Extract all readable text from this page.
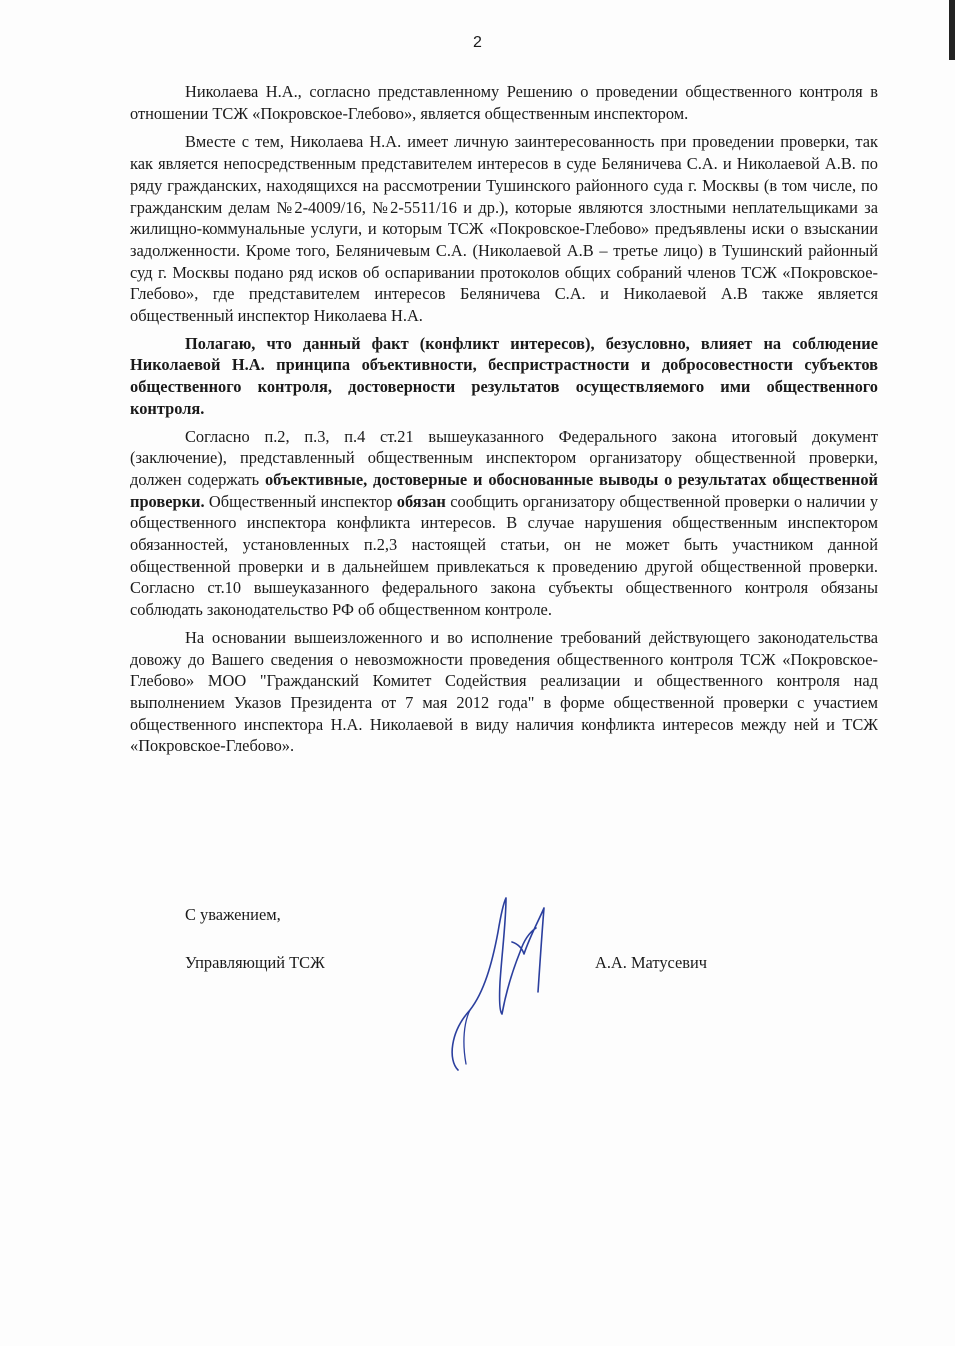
2

Николаева Н.А., согласно представленному Решению о проведении общественного контроля в отношении ТСЖ «Покровское-Глебово», является общественным инспектором.

Вместе с тем, Николаева Н.А. имеет личную заинтересованность при проведении проверки, так как является непосредственным представителем интересов в суде Беляничева С.А. и Николаевой А.В. по ряду гражданских, находящихся на рассмотрении Тушинского районного суда г. Москвы (в том числе, по гражданским делам №2-4009/16, №2-5511/16 и др.), которые являются злостными неплательщиками за жилищно-коммунальные услуги, и которым ТСЖ «Покровское-Глебово» предъявлены иски о взыскании задолженности. Кроме того, Беляничевым С.А. (Николаевой А.В – третье лицо) в Тушинский районный суд г. Москвы подано ряд исков об оспаривании протоколов общих собраний членов ТСЖ «Покровское-Глебово», где представителем интересов Беляничева С.А. и Николаевой А.В также является общественный инспектор Николаева Н.А.

Полагаю, что данный факт (конфликт интересов), безусловно, влияет на соблюдение Николаевой Н.А. принципа объективности, беспристрастности и добросовестности субъектов общественного контроля, достоверности результатов осуществляемого ими общественного контроля.

Согласно п.2, п.3, п.4 ст.21 вышеуказанного Федерального закона итоговый документ (заключение), представленный общественным инспектором организатору общественной проверки, должен содержать объективные, достоверные и обоснованные выводы о результатах общественной проверки. Общественный инспектор обязан сообщить организатору общественной проверки о наличии у общественного инспектора конфликта интересов. В случае нарушения общественным инспектором обязанностей, установленных п.2,3 настоящей статьи, он не может быть участником данной общественной проверки и в дальнейшем привлекаться к проведению другой общественной проверки. Согласно ст.10 вышеуказанного федерального закона субъекты общественного контроля обязаны соблюдать законодательство РФ об общественном контроле.

На основании вышеизложенного и во исполнение требований действующего законодательства довожу до Вашего сведения о невозможности проведения общественного контроля ТСЖ «Покровское-Глебово» МОО "Гражданский Комитет Содействия реализации и общественного контроля над выполнением Указов Президента от 7 мая 2012 года" в форме общественной проверки с участием общественного инспектора Н.А. Николаевой в виду наличия конфликта интересов между ней и ТСЖ «Покровское-Глебово».

С уважением,
Управляющий ТСЖ	А.А. Матусевич
